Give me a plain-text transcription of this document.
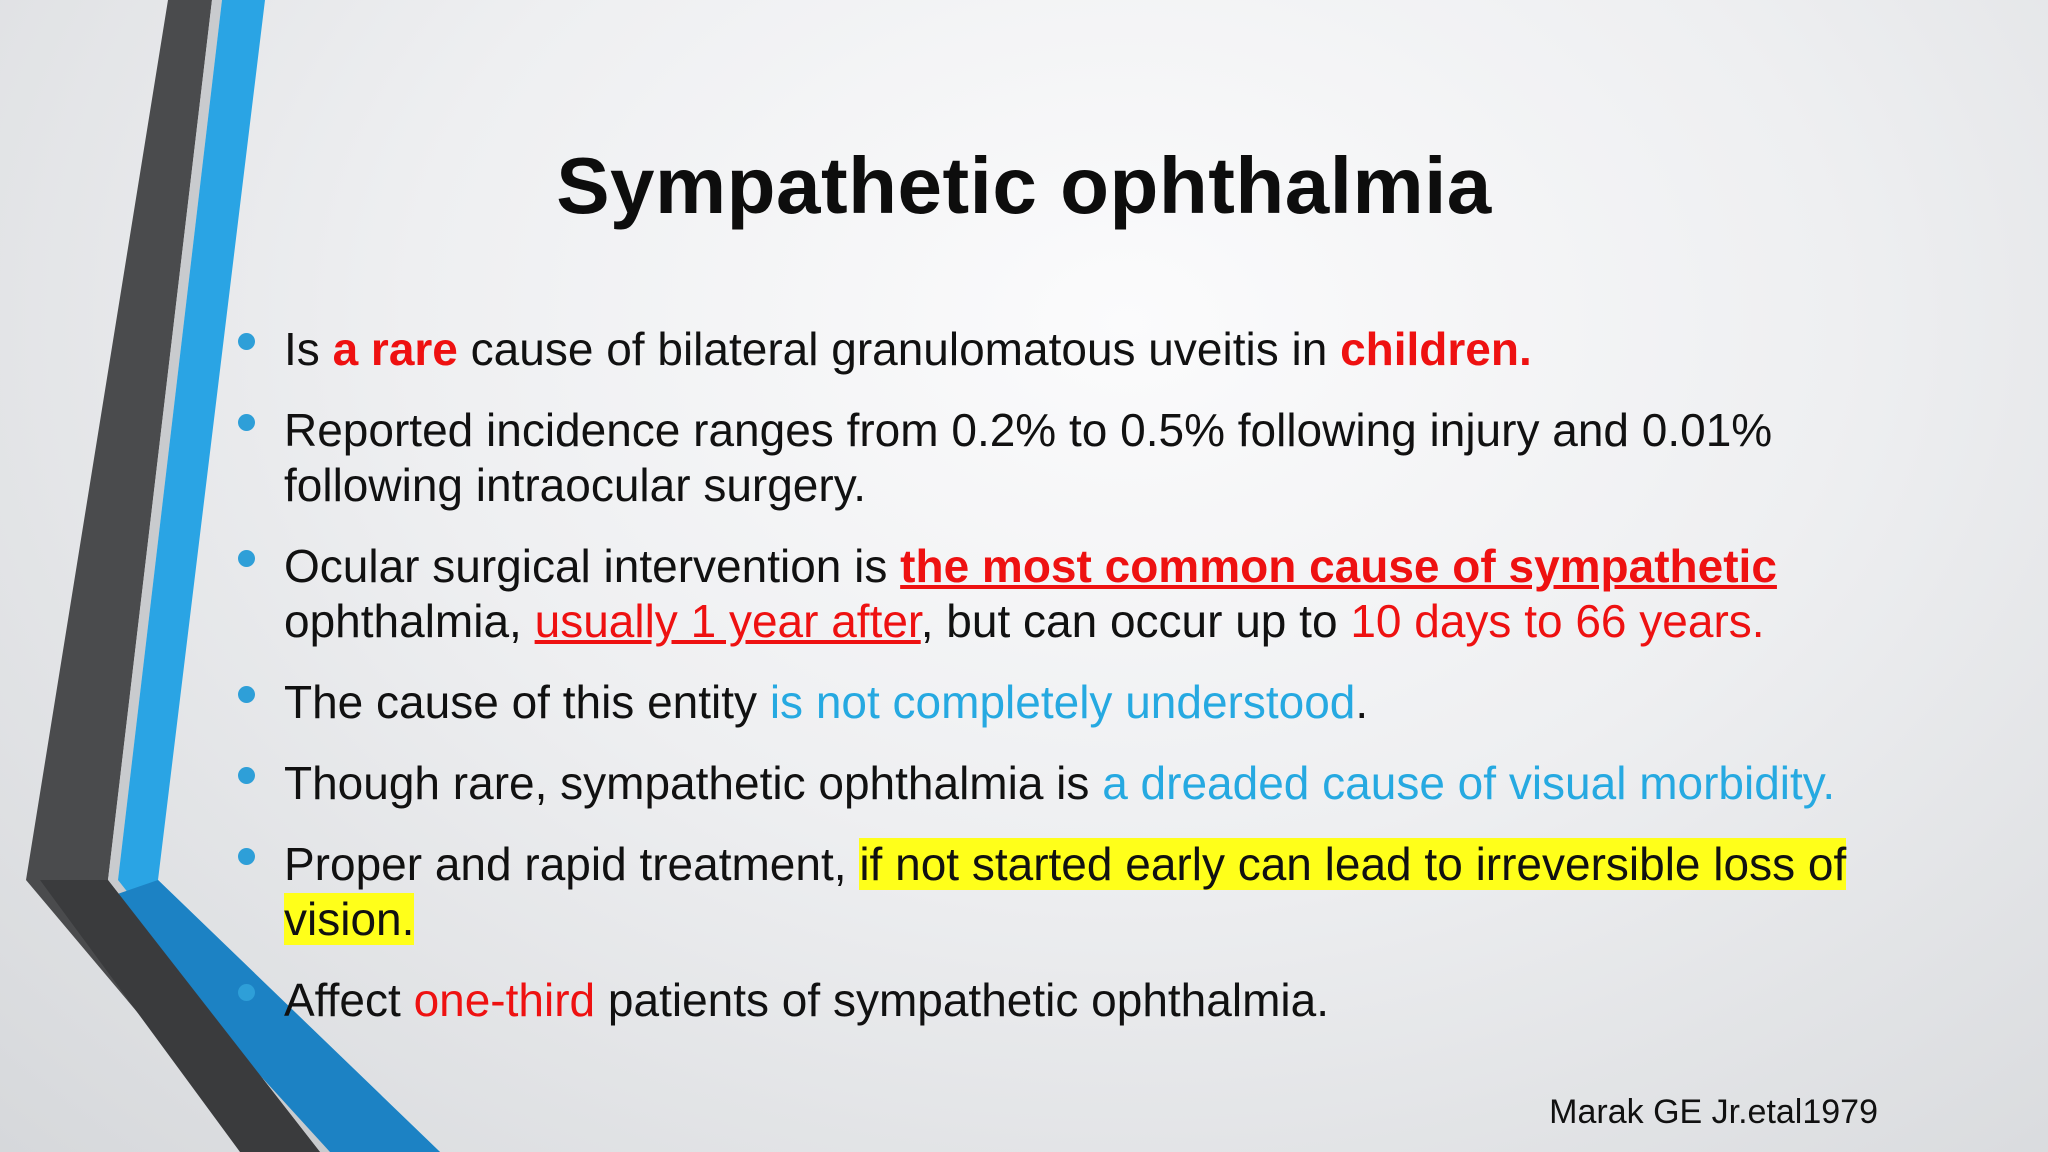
Sympathetic ophthalmia
Is a rare cause of bilateral granulomatous uveitis in children.
Reported incidence ranges from 0.2% to 0.5% following injury and 0.01% following intraocular surgery.
Ocular surgical intervention is the most common cause of sympathetic ophthalmia, usually 1 year after, but can occur up to 10 days to 66 years.
The cause of this entity is not completely understood.
Though rare, sympathetic ophthalmia is a dreaded cause of visual morbidity.
Proper and rapid treatment, if not started early can lead to irreversible loss of vision.
Affect one-third patients of sympathetic ophthalmia.
Marak GE Jr.etal1979
